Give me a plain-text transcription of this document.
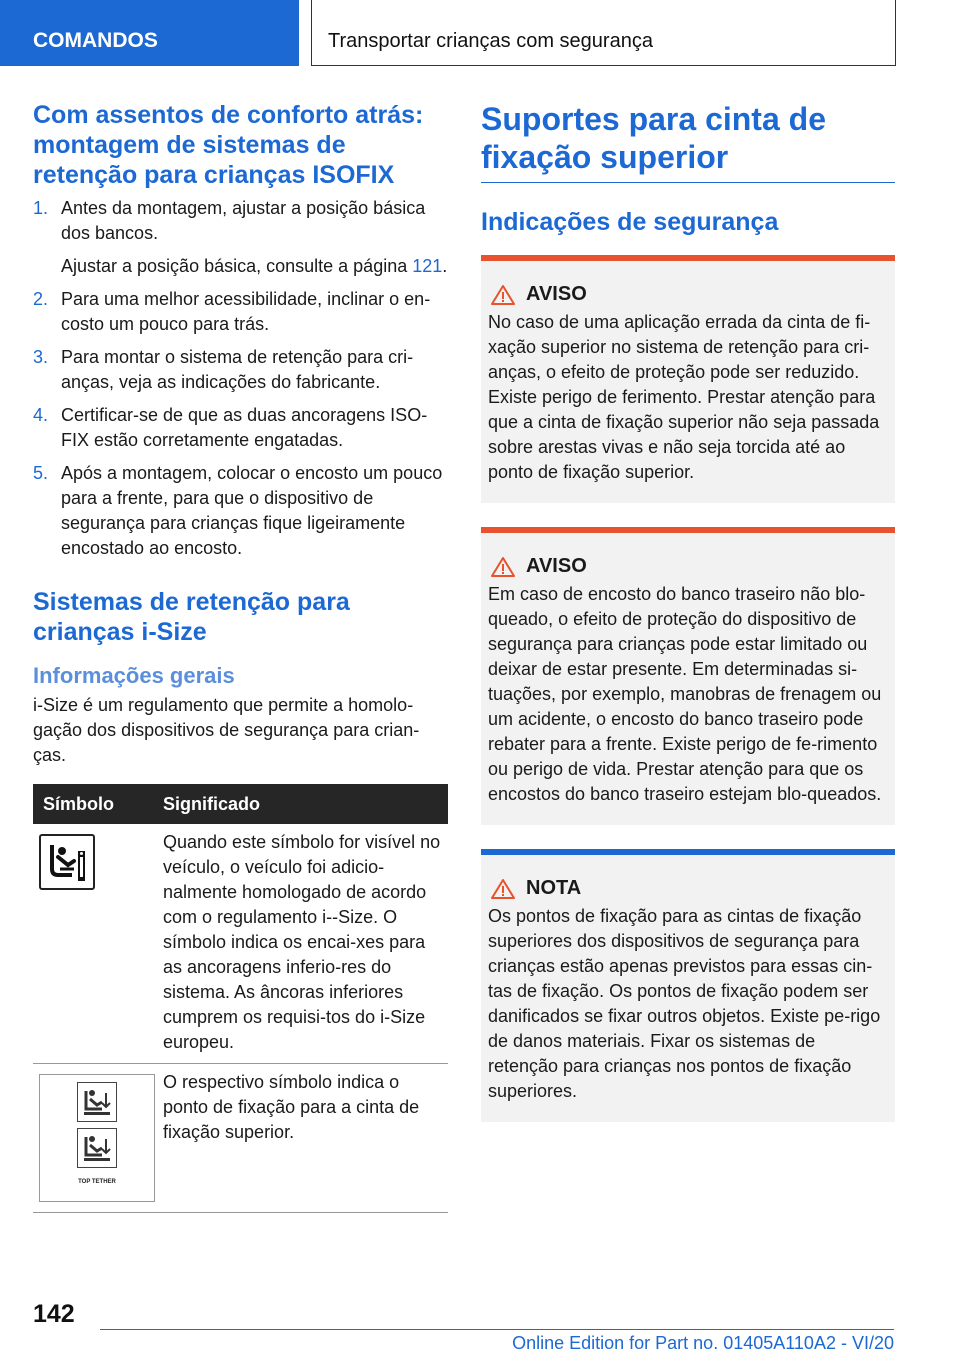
COMANDOS	Transportar crianças com segurança
Com assentos de conforto atrás: montagem de sistemas de retenção para crianças ISOFIX
1. Antes da montagem, ajustar a posição básica dos bancos.

Ajustar a posição básica, consulte a página 121.

2. Para uma melhor acessibilidade, inclinar o en-costo um pouco para trás.
3. Para montar o sistema de retenção para cri-anças, veja as indicações do fabricante.
4. Certificar-se de que as duas ancoragens ISO-FIX estão corretamente engatadas.
5. Após a montagem, colocar o encosto um pouco para a frente, para que o dispositivo de segurança para crianças fique ligeiramente encostado ao encosto.
Sistemas de retenção para crianças i-Size
Informações gerais

i-Size é um regulamento que permite a homolo-gação dos dispositivos de segurança para crian-ças.

Símbolo	Significado

	Quando este símbolo for visível no veículo, o veículo foi adicio-nalmente homologado de acordo com o regulamento i--Size. O símbolo indica os encai-xes para as ancoragens inferio-res do sistema. As âncoras inferiores cumprem os requisi-tos do i-Size europeu.

TOP TETHER	O respectivo símbolo indica o ponto de fixação para a cinta de fixação superior.
Suportes para cinta de fixação superior
Indicações de segurança
AVISO

No caso de uma aplicação errada da cinta de fi-xação superior no sistema de retenção para cri-anças, o efeito de proteção pode ser reduzido. Existe perigo de ferimento. Prestar atenção para que a cinta de fixação superior não seja passada sobre arestas vivas e não seja torcida até ao ponto de fixação superior.

AVISO

Em caso de encosto do banco traseiro não blo-queado, o efeito de proteção do dispositivo de segurança para crianças pode estar limitado ou deixar de estar presente. Em determinadas si-tuações, por exemplo, manobras de frenagem ou um acidente, o encosto do banco traseiro pode rebater para a frente. Existe perigo de fe-rimento ou perigo de vida. Prestar atenção para que os encostos do banco traseiro estejam blo-queados.

NOTA

Os pontos de fixação para as cintas de fixação superiores dos dispositivos de segurança para crianças estão apenas previstos para essas cin-tas de fixação. Os pontos de fixação podem ser danificados se fixar outros objetos. Existe pe-rigo de danos materiais. Fixar os sistemas de retenção para crianças nos pontos de fixação superiores.

142
Online Edition for Part no. 01405A110A2 - VI/20
